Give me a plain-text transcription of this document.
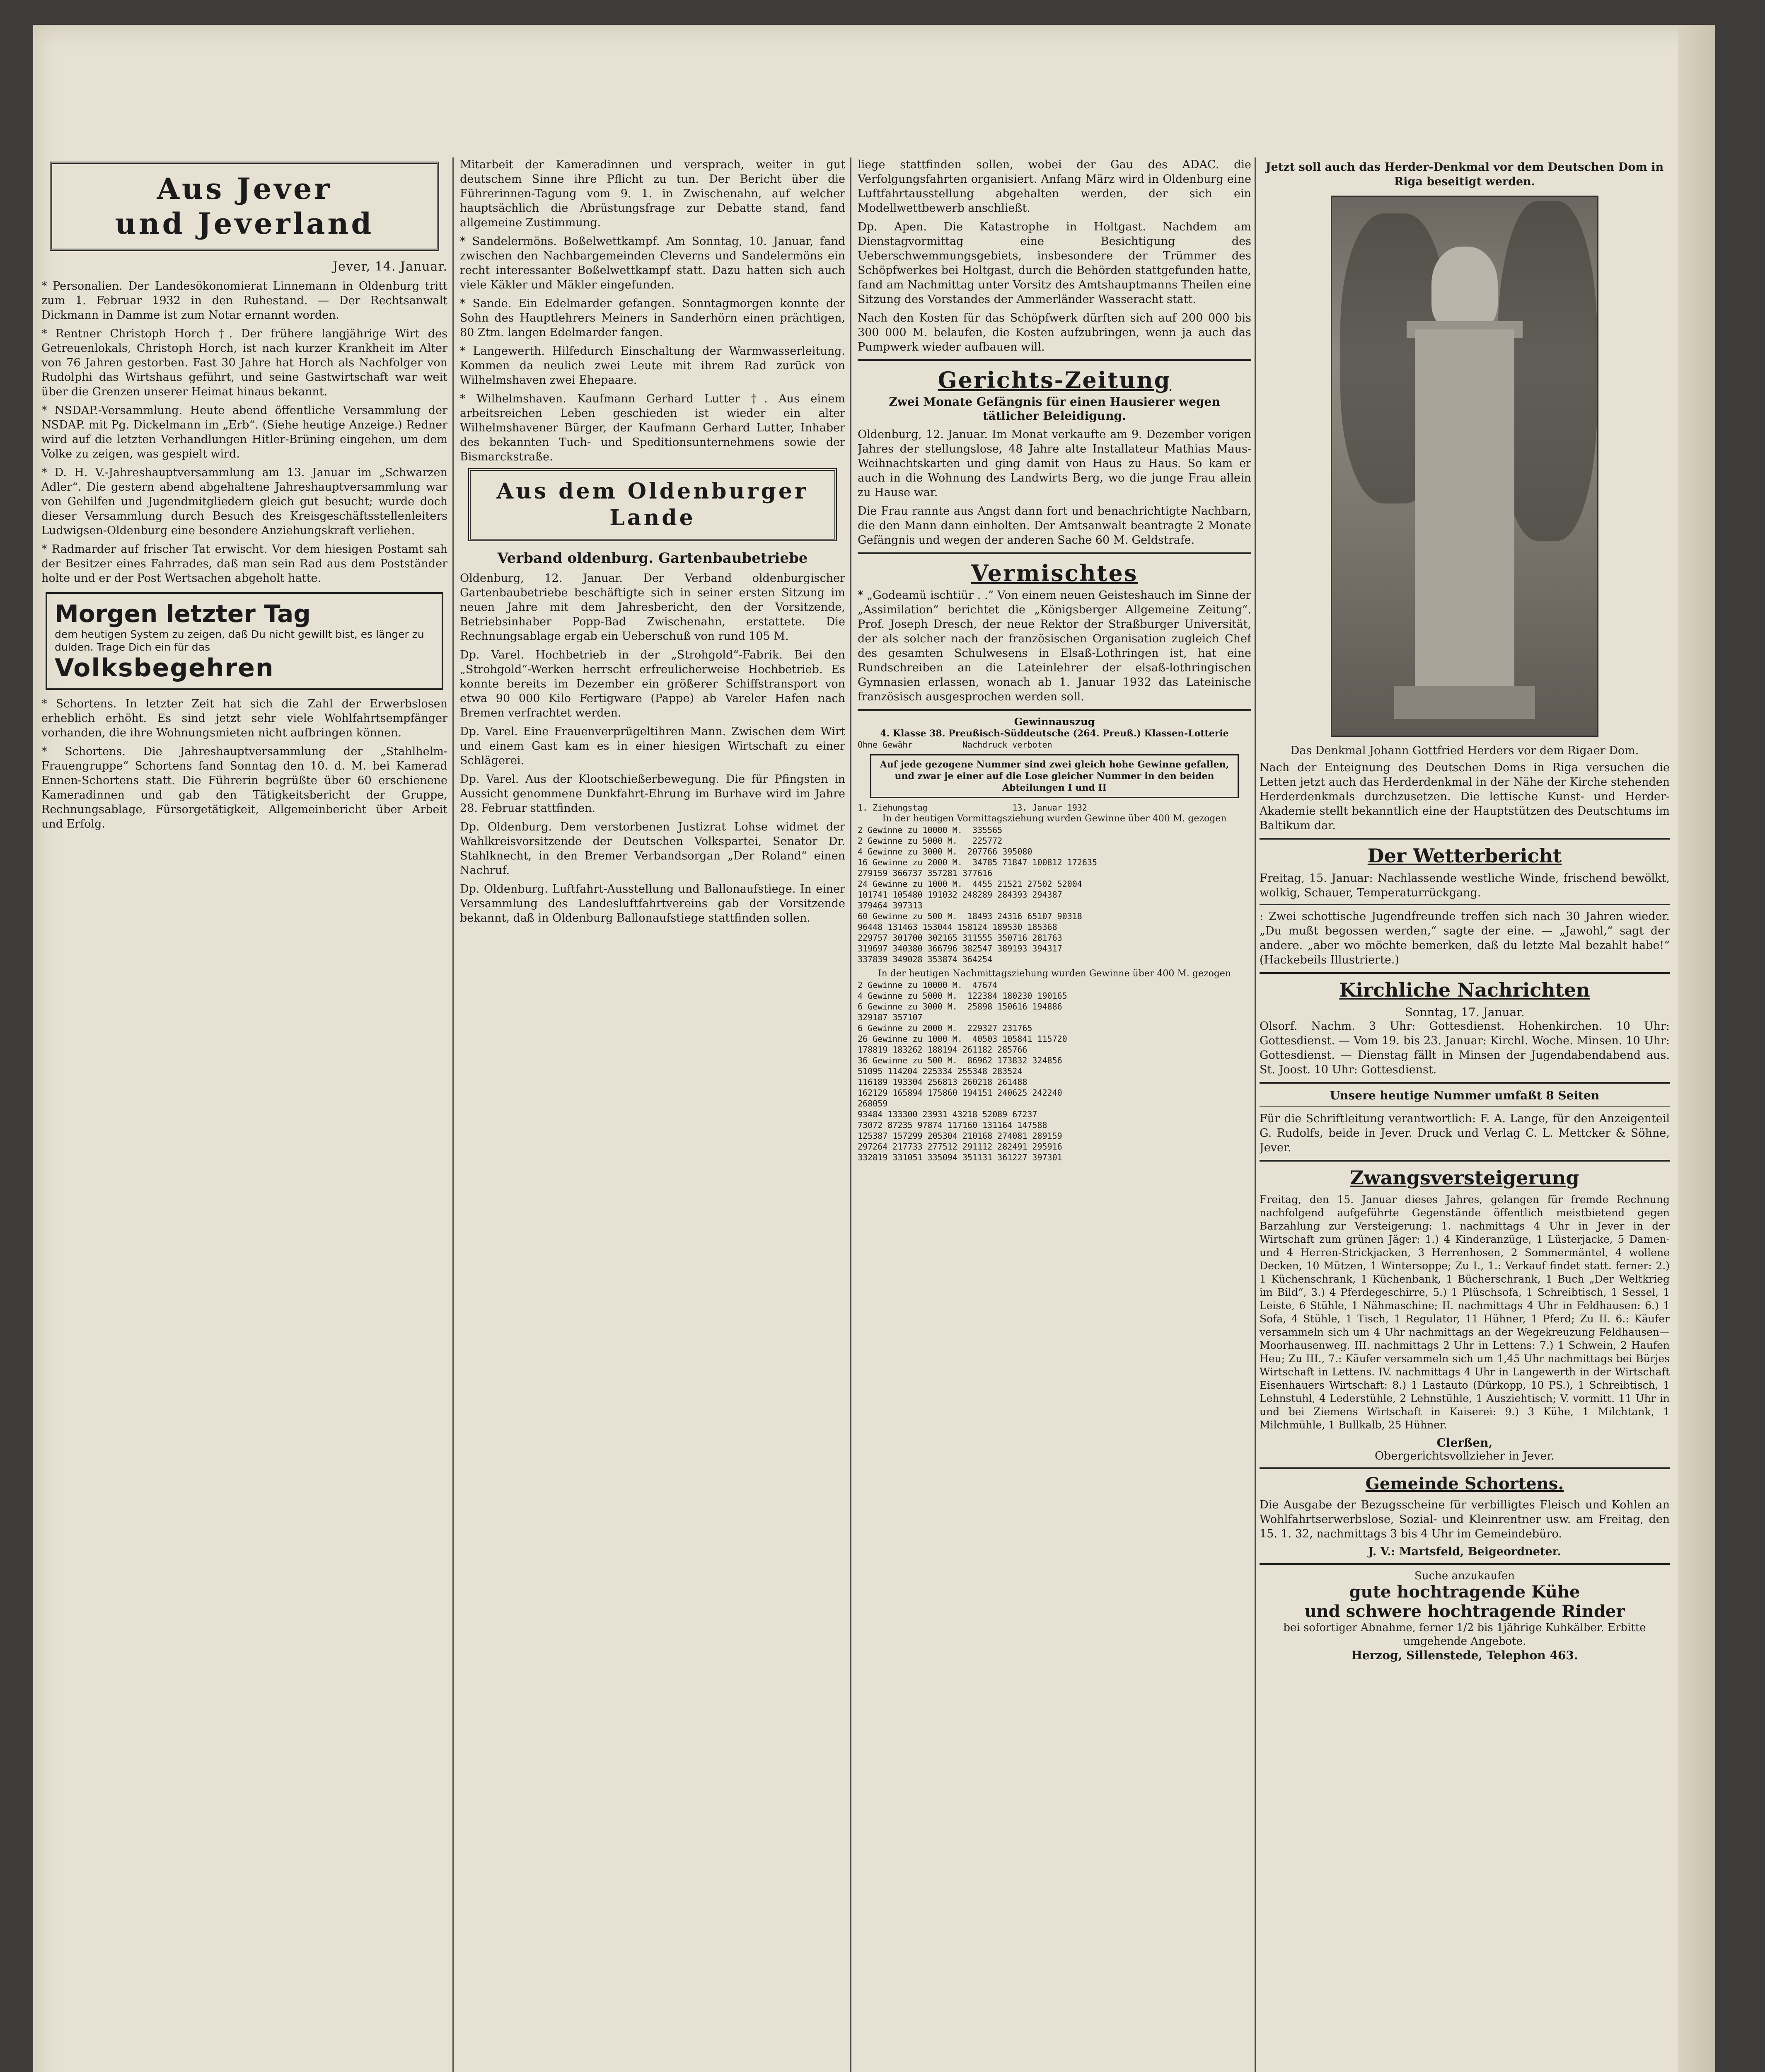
Aus Jever
und Jeverland
Jever, 14. Januar.

* Personalien. Der Landesökonomierat Linnemann in Oldenburg tritt zum 1. Februar 1932 in den Ruhestand. — Der Rechtsanwalt Dickmann in Damme ist zum Notar ernannt worden.

* Rentner Christoph Horch †. Der frühere langjährige Wirt des Getreuenlokals, Christoph Horch, ist nach kurzer Krankheit im Alter von 76 Jahren gestorben. Fast 30 Jahre hat Horch als Nachfolger von Rudolphi das Wirtshaus geführt, und seine Gastwirtschaft war weit über die Grenzen unserer Heimat hinaus bekannt.

* NSDAP.-Versammlung. Heute abend öffentliche Versammlung der NSDAP. mit Pg. Dickelmann im „Erb“. (Siehe heutige Anzeige.) Redner wird auf die letzten Verhandlungen Hitler-Brüning eingehen, um dem Volke zu zeigen, was gespielt wird.

* D. H. V.-Jahreshauptversammlung am 13. Januar im „Schwarzen Adler“. Die gestern abend abgehaltene Jahreshauptversammlung war von Gehilfen und Jugendmitgliedern gleich gut besucht; wurde doch dieser Versammlung durch Besuch des Kreisgeschäftsstellenleiters Ludwigsen-Oldenburg eine besondere Anziehungskraft verliehen.

* Radmarder auf frischer Tat erwischt. Vor dem hiesigen Postamt sah der Besitzer eines Fahrrades, daß man sein Rad aus dem Postständer holte und er der Post Wertsachen abgeholt hatte.

Morgen letzter Tag
dem heutigen System zu zeigen, daß Du nicht gewillt bist, es länger zu dulden. Trage Dich ein für das
Volksbegehren

* Schortens. In letzter Zeit hat sich die Zahl der Erwerbslosen erheblich erhöht. Es sind jetzt sehr viele Wohlfahrtsempfänger vorhanden, die ihre Wohnungsmieten nicht aufbringen können.

* Schortens. Die Jahreshauptversammlung der „Stahlhelm-Frauengruppe“ Schortens fand Sonntag den 10. d. M. bei Kamerad Ennen-Schortens statt. Die Führerin begrüßte über 60 erschienene Kameradinnen und gab den Tätigkeitsbericht der Gruppe, Rechnungsablage, Fürsorgetätigkeit, Allgemeinbericht über Arbeit und Erfolg.

Mitarbeit der Kameradinnen und versprach, weiter in gut deutschem Sinne ihre Pflicht zu tun. Der Bericht über die Führerinnen-Tagung vom 9. 1. in Zwischenahn, auf welcher hauptsächlich die Abrüstungsfrage zur Debatte stand, fand allgemeine Zustimmung.

* Sandelermöns. Boßelwettkampf. Am Sonntag, 10. Januar, fand zwischen den Nachbargemeinden Cleverns und Sandelermöns ein recht interessanter Boßelwettkampf statt. Dazu hatten sich auch viele Käkler und Mäkler eingefunden.

* Sande. Ein Edelmarder gefangen. Sonntagmorgen konnte der Sohn des Hauptlehrers Meiners in Sanderhörn einen prächtigen, 80 Ztm. langen Edelmarder fangen.

* Langewerth. Hilfedurch Einschaltung der Warmwasserleitung. Kommen da neulich zwei Leute mit ihrem Rad zurück von Wilhelmshaven zwei Ehepaare.

* Wilhelmshaven. Kaufmann Gerhard Lutter †. Aus einem arbeitsreichen Leben geschieden ist wieder ein alter Wilhelmshavener Bürger, der Kaufmann Gerhard Lutter, Inhaber des bekannten Tuch- und Speditionsunternehmens sowie der Bismarckstraße.

Aus dem Oldenburger
Lande
Verband oldenburg. Gartenbaubetriebe

Oldenburg, 12. Januar. Der Verband oldenburgischer Gartenbaubetriebe beschäftigte sich in seiner ersten Sitzung im neuen Jahre mit dem Jahresbericht, den der Vorsitzende, Betriebsinhaber Popp-Bad Zwischenahn, erstattete. Die Rechnungsablage ergab ein Ueberschuß von rund 105 M.

Dp. Varel. Hochbetrieb in der „Strohgold“-Fabrik. Bei den „Strohgold“-Werken herrscht erfreulicherweise Hochbetrieb. Es konnte bereits im Dezember ein größerer Schiffstransport von etwa 90 000 Kilo Fertigware (Pappe) ab Vareler Hafen nach Bremen verfrachtet werden.

Dp. Varel. Eine Frauenverprügeltihren Mann. Zwischen dem Wirt und einem Gast kam es in einer hiesigen Wirtschaft zu einer Schlägerei.

Dp. Varel. Aus der Klootschießerbewegung. Die für Pfingsten in Aussicht genommene Dunkfahrt-Ehrung im Burhave wird im Jahre 28. Februar stattfinden.

Dp. Oldenburg. Dem verstorbenen Justizrat Lohse widmet der Wahlkreisvorsitzende der Deutschen Volkspartei, Senator Dr. Stahlknecht, in den Bremer Verbandsorgan „Der Roland“ einen Nachruf.

Dp. Oldenburg. Luftfahrt-Ausstellung und Ballonaufstiege. In einer Versammlung des Landesluftfahrtvereins gab der Vorsitzende bekannt, daß in Oldenburg Ballonaufstiege stattfinden sollen.

liege stattfinden sollen, wobei der Gau des ADAC. die Verfolgungsfahrten organisiert. Anfang März wird in Oldenburg eine Luftfahrtausstellung abgehalten werden, der sich ein Modellwettbewerb anschließt.

Dp. Apen. Die Katastrophe in Holtgast. Nachdem am Dienstagvormittag eine Besichtigung des Ueberschwemmungsgebiets, insbesondere der Trümmer des Schöpfwerkes bei Holtgast, durch die Behörden stattgefunden hatte, fand am Nachmittag unter Vorsitz des Amtshauptmanns Theilen eine Sitzung des Vorstandes der Ammerländer Wasseracht statt.

Nach den Kosten für das Schöpfwerk dürften sich auf 200 000 bis 300 000 M. belaufen, die Kosten aufzubringen, wenn ja auch das Pumpwerk wieder aufbauen will.

Gerichts-Zeitung
Zwei Monate Gefängnis für einen Hausierer wegen tätlicher Beleidigung.

Oldenburg, 12. Januar. Im Monat verkaufte am 9. Dezember vorigen Jahres der stellungslose, 48 Jahre alte Installateur Mathias Maus-Weihnachtskarten und ging damit von Haus zu Haus. So kam er auch in die Wohnung des Landwirts Berg, wo die junge Frau allein zu Hause war.

Die Frau rannte aus Angst dann fort und benachrichtigte Nachbarn, die den Mann dann einholten. Der Amtsanwalt beantragte 2 Monate Gefängnis und wegen der anderen Sache 60 M. Geldstrafe.

Vermischtes

* „Godeamü ischtiür . .“ Von einem neuen Geisteshauch im Sinne der „Assimilation“ berichtet die „Königsberger Allgemeine Zeitung“. Prof. Joseph Dresch, der neue Rektor der Straßburger Universität, der als solcher nach der französischen Organisation zugleich Chef des gesamten Schulwesens in Elsaß-Lothringen ist, hat eine Rundschreiben an die Lateinlehrer der elsaß-lothringischen Gymnasien erlassen, wonach ab 1. Januar 1932 das Lateinische französisch ausgesprochen werden soll.

Gewinnauszug
4. Klasse 38. Preußisch-Süddeutsche (264. Preuß.) Klassen-Lotterie
Ohne Gewähr          Nachdruck verboten
Auf jede gezogene Nummer sind zwei gleich hohe Gewinne gefallen, und zwar je einer auf die Lose gleicher Nummer in den beiden Abteilungen I und II
1. Ziehungstag                 13. Januar 1932
In der heutigen Vormittagsziehung wurden Gewinne über 400 M. gezogen
2 Gewinne zu 10000 M.  335565
2 Gewinne zu 5000 M.   225772
4 Gewinne zu 3000 M.  207766 395080
16 Gewinne zu 2000 M.  34785 71847 100812 172635
279159 366737 357281 377616
24 Gewinne zu 1000 M.  4455 21521 27502 52004
101741 105480 191032 248289 284393 294387
379464 397313
60 Gewinne zu 500 M.  18493 24316 65107 90318
96448 131463 153044 158124 189530 185368
229757 301700 302165 311555 350716 281763
319697 340380 366796 382547 389193 394317
337839 349028 353874 364254
In der heutigen Nachmittagsziehung wurden Gewinne über 400 M. gezogen
2 Gewinne zu 10000 M.  47674
4 Gewinne zu 5000 M.  122384 180230 190165
6 Gewinne zu 3000 M.  25898 150616 194886
329187 357107
6 Gewinne zu 2000 M.  229327 231765
26 Gewinne zu 1000 M.  40503 105841 115720
178819 183262 188194 261182 285766
36 Gewinne zu 500 M.  86962 173832 324856
51095 114204 225334 255348 283524
116189 193304 256813 260218 261488
162129 165894 175860 194151 240625 242240
268059
93484 133300 23931 43218 52089 67237
73072 87235 97874 117160 131164 147588
125387 157299 205304 210168 274081 289159
297264 217733 277512 291112 282491 295916
332819 331051 335094 351131 361227 397301
Jetzt soll auch das Herder-Denkmal vor dem Deutschen Dom in Riga beseitigt werden.
Das Denkmal Johann Gottfried Herders vor dem Rigaer Dom.

Nach der Enteignung des Deutschen Doms in Riga versuchen die Letten jetzt auch das Herderdenkmal in der Nähe der Kirche stehenden Herderdenkmals durchzusetzen. Die lettische Kunst- und Herder-Akademie stellt bekanntlich eine der Hauptstützen des Deutschtums im Baltikum dar.

Der Wetterbericht

Freitag, 15. Januar: Nachlassende westliche Winde, frischend bewölkt, wolkig, Schauer, Temperaturrückgang.

: Zwei schottische Jugendfreunde treffen sich nach 30 Jahren wieder. „Du mußt begossen werden,“ sagte der eine. — „Jawohl,“ sagt der andere. „aber wo möchte bemerken, daß du letzte Mal bezahlt habe!“ (Hackebeils Illustrierte.)

Kirchliche Nachrichten
Sonntag, 17. Januar.

Olsorf. Nachm. 3 Uhr: Gottesdienst. Hohenkirchen. 10 Uhr: Gottesdienst. — Vom 19. bis 23. Januar: Kirchl. Woche. Minsen. 10 Uhr: Gottesdienst. — Dienstag fällt in Minsen der Jugendabendabend aus. St. Joost. 10 Uhr: Gottesdienst.

Unsere heutige Nummer umfaßt 8 Seiten

Für die Schriftleitung verantwortlich: F. A. Lange, für den Anzeigenteil G. Rudolfs, beide in Jever. Druck und Verlag C. L. Mettcker & Söhne, Jever.

Zwangsversteigerung

Freitag, den 15. Januar dieses Jahres, gelangen für fremde Rechnung nachfolgend aufgeführte Gegenstände öffentlich meistbietend gegen Barzahlung zur Versteigerung: 1. nachmittags 4 Uhr in Jever in der Wirtschaft zum grünen Jäger: 1.) 4 Kinderanzüge, 1 Lüsterjacke, 5 Damen- und 4 Herren-Strickjacken, 3 Herrenhosen, 2 Sommermäntel, 4 wollene Decken, 10 Mützen, 1 Wintersoppe; Zu I., 1.: Verkauf findet statt. ferner: 2.) 1 Küchenschrank, 1 Küchenbank, 1 Bücherschrank, 1 Buch „Der Weltkrieg im Bild“, 3.) 4 Pferdegeschirre, 5.) 1 Plüschsofa, 1 Schreibtisch, 1 Sessel, 1 Leiste, 6 Stühle, 1 Nähmaschine; II. nachmittags 4 Uhr in Feldhausen: 6.) 1 Sofa, 4 Stühle, 1 Tisch, 1 Regulator, 11 Hühner, 1 Pferd; Zu II. 6.: Käufer versammeln sich um 4 Uhr nachmittags an der Wegekreuzung Feldhausen—Moorhausenweg. III. nachmittags 2 Uhr in Lettens: 7.) 1 Schwein, 2 Haufen Heu; Zu III., 7.: Käufer versammeln sich um 1,45 Uhr nachmittags bei Bürjes Wirtschaft in Lettens. IV. nachmittags 4 Uhr in Langewerth in der Wirtschaft Eisenhauers Wirtschaft: 8.) 1 Lastauto (Dürkopp, 10 PS.), 1 Schreibtisch, 1 Lehnstuhl, 4 Lederstühle, 2 Lehnstühle, 1 Ausziehtisch; V. vormitt. 11 Uhr in und bei Ziemens Wirtschaft in Kaiserei: 9.) 3 Kühe, 1 Milchtank, 1 Milchmühle, 1 Bullkalb, 25 Hühner.

Clerßen,
Obergerichtsvollzieher in Jever.
Gemeinde Schortens.

Die Ausgabe der Bezugsscheine für verbilligtes Fleisch und Kohlen an Wohlfahrtserwerbslose, Sozial- und Kleinrentner usw. am Freitag, den 15. 1. 32, nachmittags 3 bis 4 Uhr im Gemeindebüro.

J. V.: Martsfeld, Beigeordneter.
Suche anzukaufen
gute hochtragende Kühe
und schwere hochtragende Rinder
bei sofortiger Abnahme, ferner 1/2 bis 1jährige Kuhkälber. Erbitte umgehende Angebote.
Herzog, Sillenstede, Telephon 463.
